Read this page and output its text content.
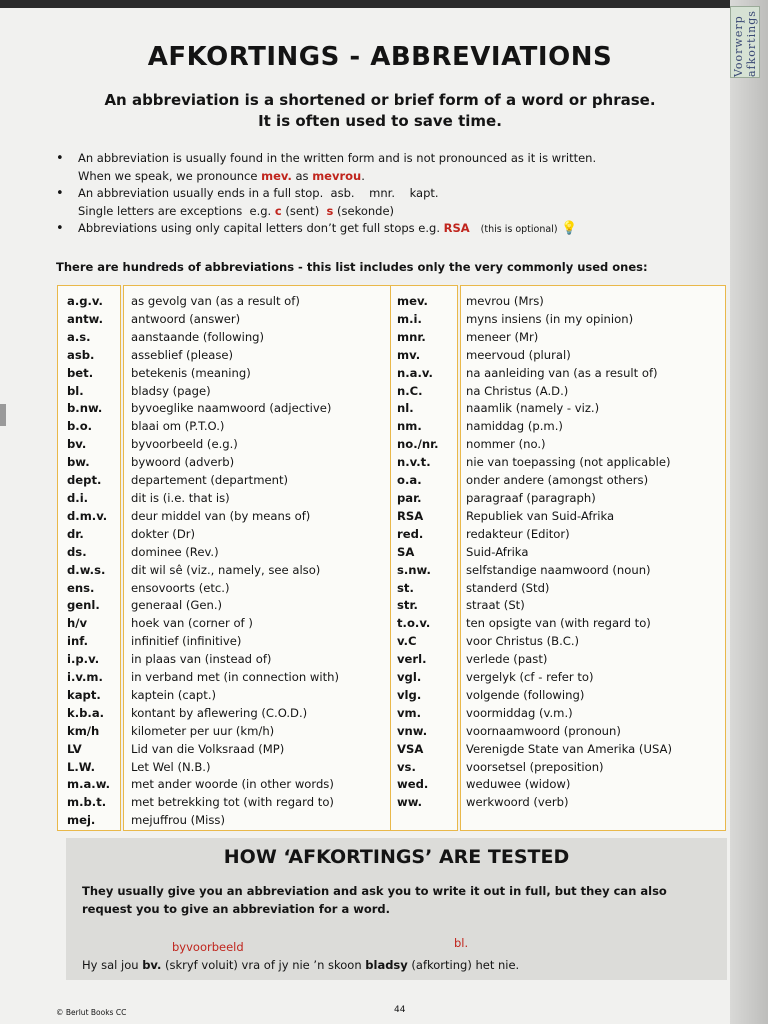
Voorwerp afkortings
AFKORTINGS - ABBREVIATIONS
An abbreviation is a shortened or brief form of a word or phrase.
It is often used to save time.
• An abbreviation is usually found in the written form and is not pronounced as it is written.
When we speak, we pronounce mev. as mevrou.
• An abbreviation usually ends in a full stop. asb.    mnr.    kapt.
Single letters are exceptions  e.g. c (sent)  s (sekonde)
• Abbreviations using only capital letters don’t get full stops e.g. RSA (this is optional) 💡
There are hundreds of abbreviations - this list includes only the very commonly used ones:
a.g.v.
antw.
a.s.
asb.
bet.
bl.
b.nw.
b.o.
bv.
bw.
dept.
d.i.
d.m.v.
dr.
ds.
d.w.s.
ens.
genl.
h/v
inf.
i.p.v.
i.v.m.
kapt.
k.b.a.
km/h
LV
L.W.
m.a.w.
m.b.t.
mej.
as gevolg van (as a result of)
antwoord (answer)
aanstaande (following)
asseblief (please)
betekenis (meaning)
bladsy (page)
byvoeglike naamwoord (adjective)
blaai om (P.T.O.)
byvoorbeeld (e.g.)
bywoord (adverb)
departement (department)
dit is (i.e. that is)
deur middel van (by means of)
dokter (Dr)
dominee (Rev.)
dit wil sê (viz., namely, see also)
ensovoorts (etc.)
generaal (Gen.)
hoek van (corner of )
infinitief (infinitive)
in plaas van (instead of)
in verband met (in connection with)
kaptein (capt.)
kontant by aflewering (C.O.D.)
kilometer per uur (km/h)
Lid van die Volksraad (MP)
Let Wel (N.B.)
met ander woorde (in other words)
met betrekking tot (with regard to)
mejuffrou (Miss)
mev.
m.i.
mnr.
mv.
n.a.v.
n.C.
nl.
nm.
no./nr.
n.v.t.
o.a.
par.
RSA
red.
SA
s.nw.
st.
str.
t.o.v.
v.C
verl.
vgl.
vlg.
vm.
vnw.
VSA
vs.
wed.
ww.
mevrou (Mrs)
myns insiens (in my opinion)
meneer (Mr)
meervoud (plural)
na aanleiding van (as a result of)
na Christus (A.D.)
naamlik (namely - viz.)
namiddag (p.m.)
nommer (no.)
nie van toepassing (not applicable)
onder andere (amongst others)
paragraaf (paragraph)
Republiek van Suid-Afrika
redakteur (Editor)
Suid-Afrika
selfstandige naamwoord (noun)
standerd (Std)
straat (St)
ten opsigte van (with regard to)
voor Christus (B.C.)
verlede (past)
vergelyk (cf - refer to)
volgende (following)
voormiddag (v.m.)
voornaamwoord (pronoun)
Verenigde State van Amerika (USA)
voorsetsel (preposition)
weduwee (widow)
werkwoord (verb)
HOW ‘AFKORTINGS’ ARE TESTED
They usually give you an abbreviation and ask you to write it out in full, but they can also request you to give an abbreviation for a word.
byvoorbeeld	bl.
Hy sal jou bv. (skryf voluit) vra of jy nie ’n skoon bladsy (afkorting) het nie.
© Berlut Books CC	44
